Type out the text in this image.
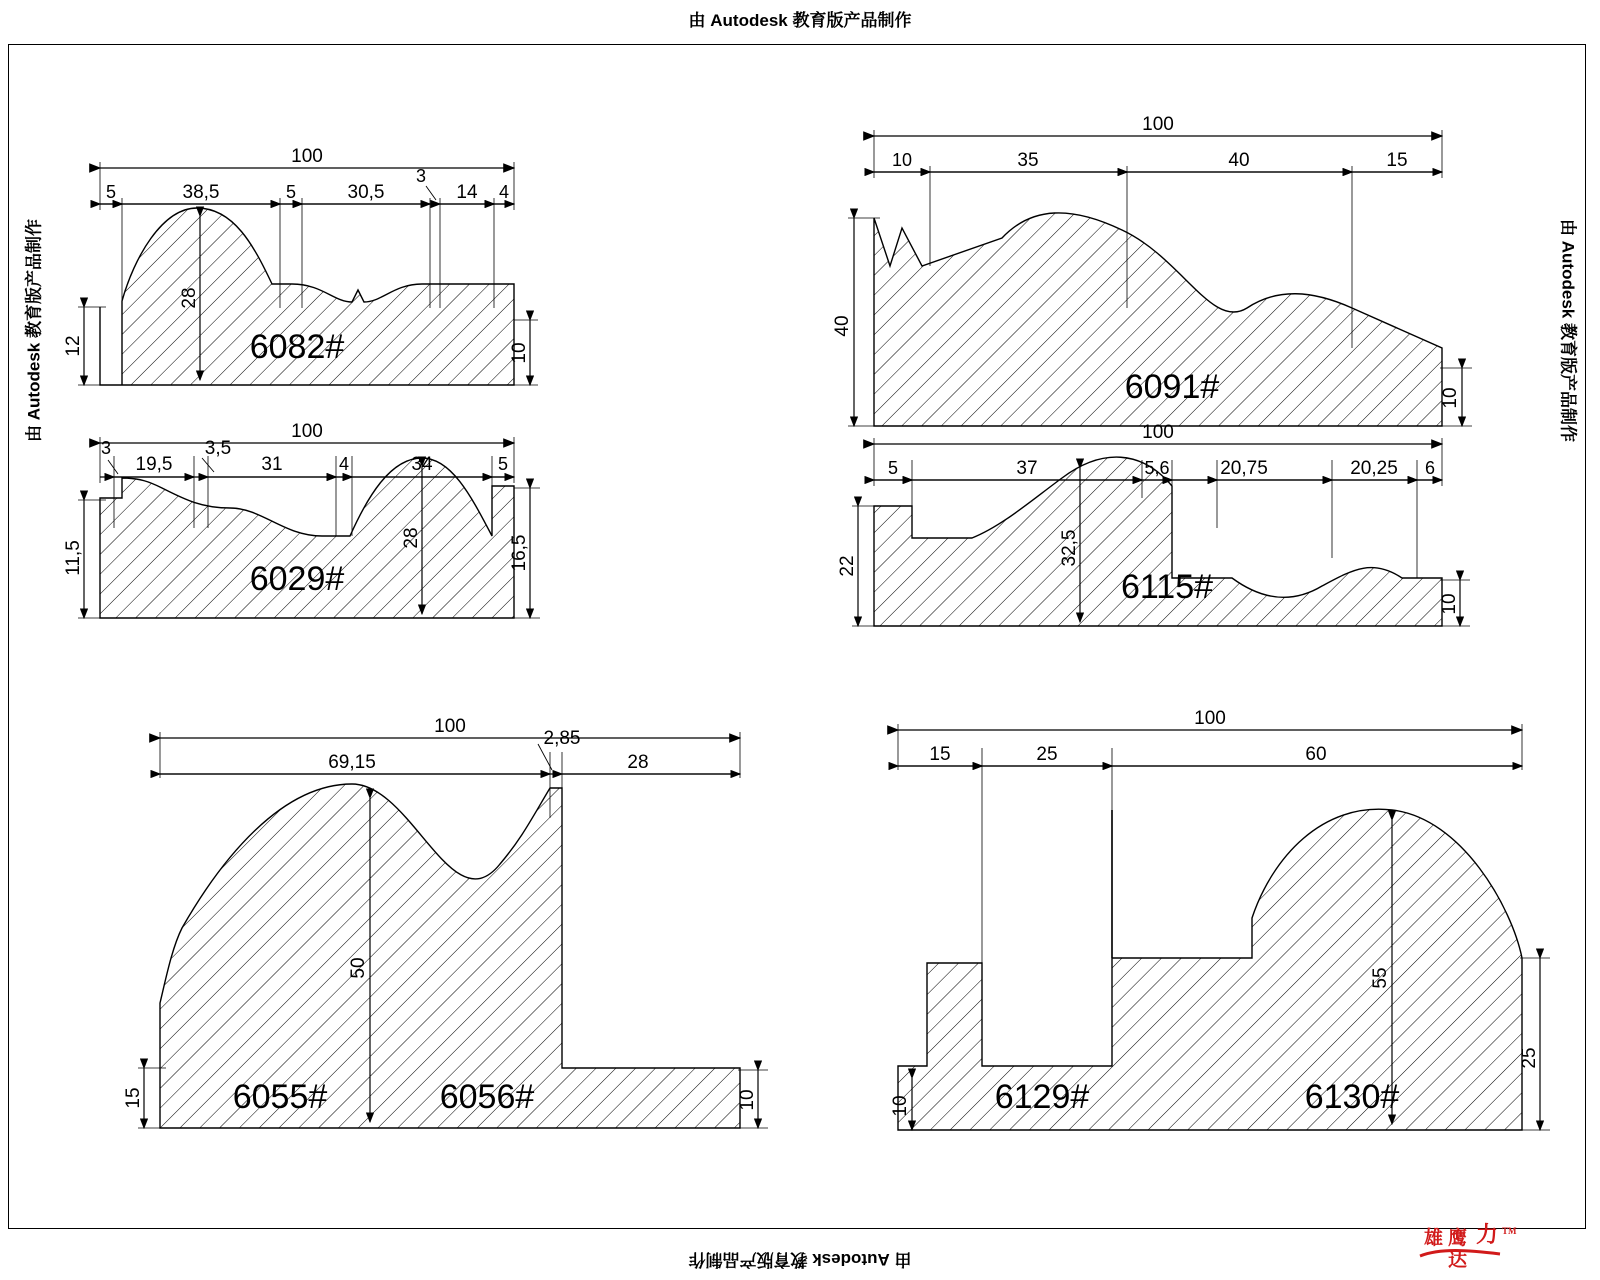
由 Autodesk 教育版产品制作
由 Autodesk 教育版产品制作
由 Autodesk 教育版产品制作	由 Autodesk 教育版产品制作
100
5	38,5	5	30,5
3
14 4
12
28
10
6082#
100
10	35	40	15
40
10
6091#
100
3
19,5
3,5
31	4	34	5
11,5
28	16,5
6029#
100
5	37	5,6	20,75	20,25 6
22	32,5
10
6115#
100
69,15
2,85
28
15
50
10
6055#	6056#
100
15	25	60
10
55
25
6129#	6130#
雄 鹰 力
达
TM
